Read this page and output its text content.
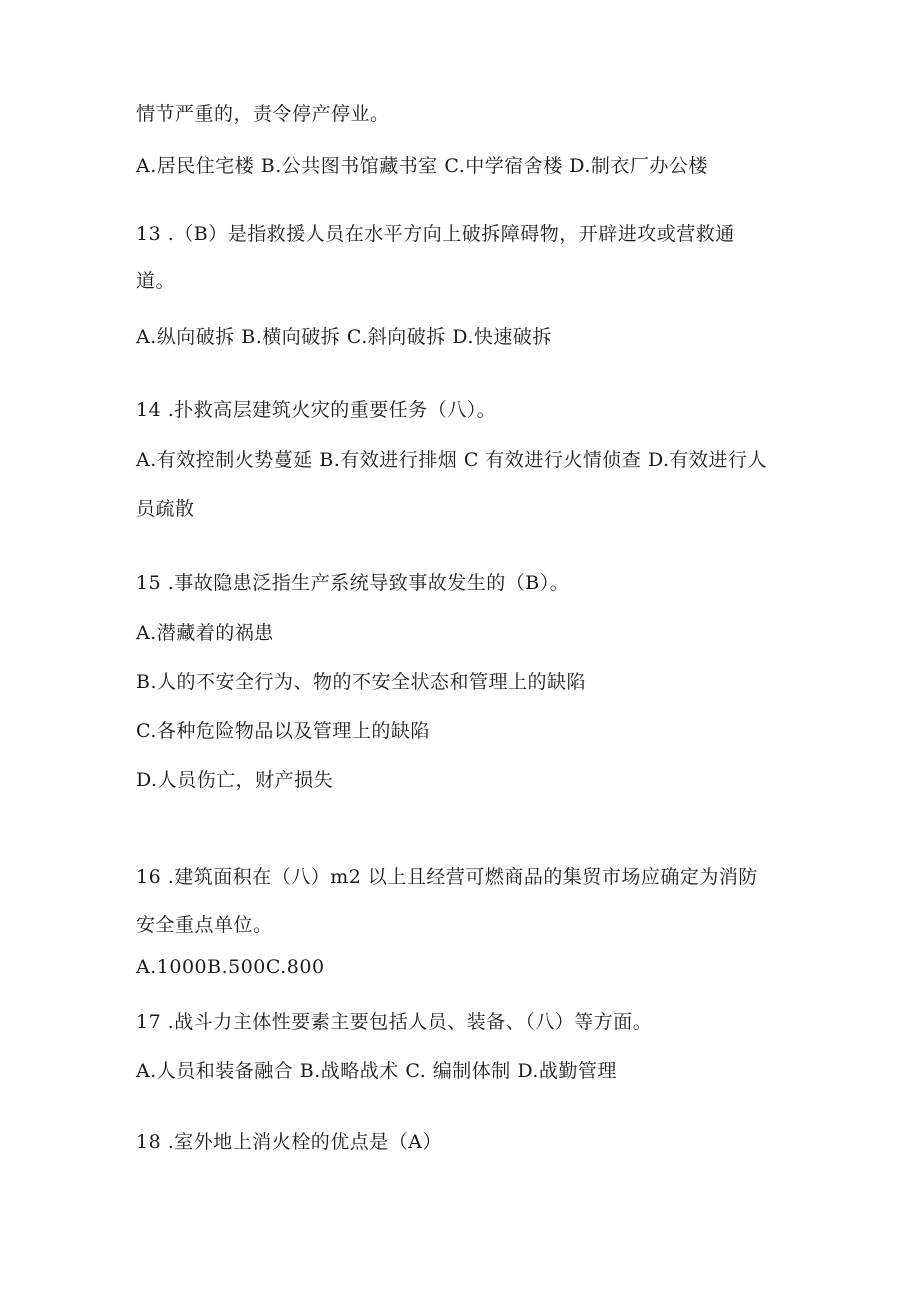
情节严重的，责令停产停业。
A.居民住宅楼 B.公共图书馆藏书室 C.中学宿舍楼 D.制衣厂办公楼
13 .（B）是指救援人员在水平方向上破拆障碍物，开辟进攻或营救通
道。
A.纵向破拆 B.横向破拆 C.斜向破拆 D.快速破拆
14 .扑救高层建筑火灾的重要任务（八）。
A.有效控制火势蔓延 B.有效进行排烟 C 有效进行火情侦查 D.有效进行人
员疏散
15 .事故隐患泛指生产系统导致事故发生的（B）。
A.潜藏着的祸患
B.人的不安全行为、物的不安全状态和管理上的缺陷
C.各种危险物品以及管理上的缺陷
D.人员伤亡，财产损失
16 .建筑面积在（八）m2 以上且经营可燃商品的集贸市场应确定为消防
安全重点单位。
A.1000B.500C.800
17 .战斗力主体性要素主要包括人员、装备、（八）等方面。
A.人员和装备融合 B.战略战术 C. 编制体制 D.战勤管理
18 .室外地上消火栓的优点是（A）
